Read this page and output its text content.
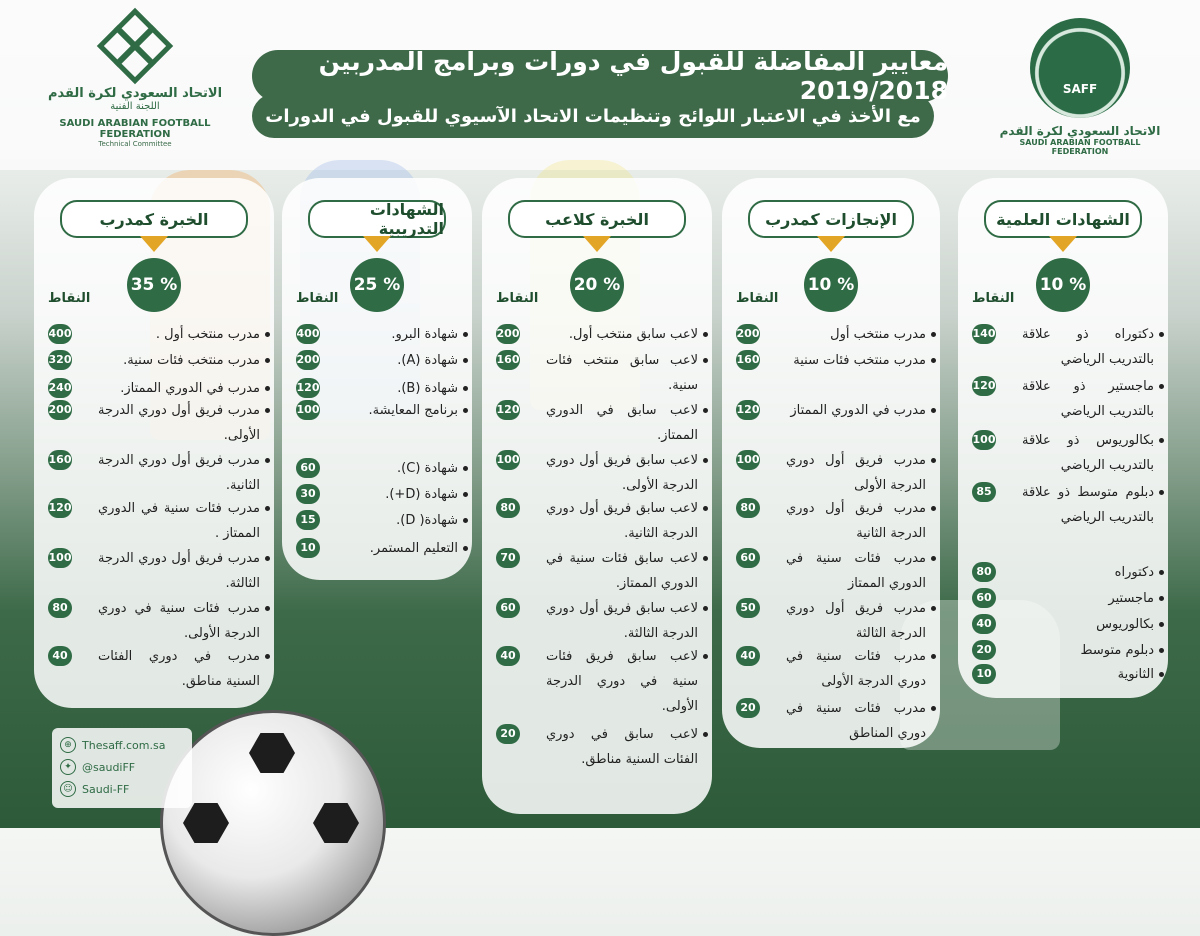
الاتحاد السعودي لكرة القدم
اللجنة الفنية
SAUDI ARABIAN FOOTBALL FEDERATION
Technical Committee
SAFF
الاتحاد السعودي لكرة القدم
SAUDI ARABIAN FOOTBALL FEDERATION
مع الأخذ في الاعتبار اللوائح وتنظيمات الاتحاد الآسيوي للقبول في الدورات
معايير المفاضلة للقبول في دورات وبرامج المدربين 2019/2018
الخبرة كمدرب
35 %
النقاط
مدرب منتخب أول .
400
مدرب منتخب فئات سنية.
320
مدرب في الدوري الممتاز.
240
مدرب فريق أول دوري الدرجة الأولى.
200
مدرب فريق أول دوري الدرجة الثانية.
160
مدرب فئات سنية في الدوري الممتاز .
120
مدرب فريق أول دوري الدرجة الثالثة.
100
مدرب فئات سنية في دوري الدرجة الأولى.
80
مدرب في دوري الفئات السنية مناطق.
40
الشهادات التدريبية
25 %
النقاط
شهادة البرو.
400
شهادة (A).
200
شهادة (B).
120
برنامج المعايشة.
100
شهادة (C).
60
شهادة (D+).
30
شهادة( D).
15
التعليم المستمر.
10
الخبرة كلاعب
20 %
النقاط
لاعب سابق منتخب أول.
200
لاعب سابق منتخب فئات سنية.
160
لاعب سابق في الدوري الممتاز.
120
لاعب سابق فريق أول دوري الدرجة الأولى.
100
لاعب سابق فريق أول دوري الدرجة الثانية.
80
لاعب سابق فئات سنية في الدوري الممتاز.
70
لاعب سابق فريق أول دوري الدرجة الثالثة.
60
لاعب سابق فريق فئات سنية في دوري الدرجة الأولى.
40
لاعب سابق في دوري الفئات السنية مناطق.
20
الإنجازات كمدرب
10 %
النقاط
مدرب منتخب أول
200
مدرب منتخب فئات سنية
160
مدرب في الدوري الممتاز
120
مدرب فريق أول دوري الدرجة الأولى
100
مدرب فريق أول دوري الدرجة الثانية
80
مدرب فئات سنية في الدوري الممتاز
60
مدرب فريق أول دوري الدرجة الثالثة
50
مدرب فئات سنية في دوري الدرجة الأولى
40
مدرب فئات سنية في دوري المناطق
20
الشهادات العلمية
10 %
النقاط
دكتوراه ذو علاقة بالتدريب الرياضي
140
ماجستير ذو علاقة بالتدريب الرياضي
120
بكالوريوس ذو علاقة بالتدريب الرياضي
100
دبلوم متوسط ذو علاقة بالتدريب الرياضي
85
دكتوراه
80
ماجستير
60
بكالوريوس
40
دبلوم متوسط
20
الثانوية
10
⊕ Thesaff.com.sa
✦ @saudiFF
☺ Saudi-FF
